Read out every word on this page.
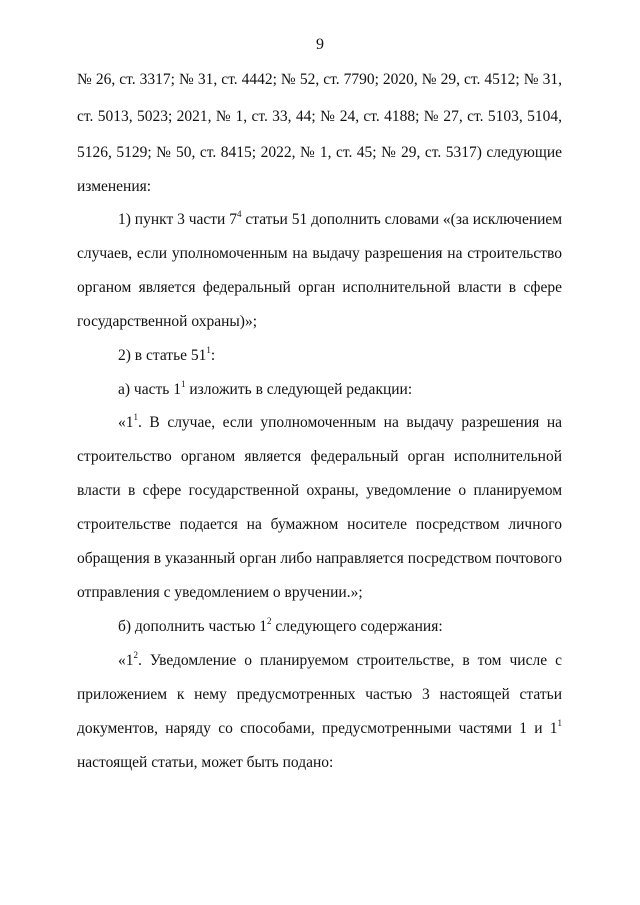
9
№ 26, ст. 3317; № 31, ст. 4442; № 52, ст. 7790; 2020, № 29, ст. 4512; № 31,
ст. 5013, 5023; 2021, № 1, ст. 33, 44; № 24, ст. 4188; № 27, ст. 5103, 5104,
5126, 5129; № 50, ст. 8415; 2022, № 1, ст. 45; № 29, ст. 5317) следующие
изменения:
1) пункт 3 части $7^4$ статьи 51 дополнить словами «(за исключением
случаев, если уполномоченным на выдачу разрешения на строительство
органом является федеральный орган исполнительной власти в сфере
государственной охраны)»;
2) в статье $51^1$:
а) часть $1^1$ изложить в следующей редакции:
«$1^1$. В случае, если уполномоченным на выдачу разрешения на
строительство органом является федеральный орган исполнительной
власти в сфере государственной охраны, уведомление о планируемом
строительстве подается на бумажном носителе посредством личного
обращения в указанный орган либо направляется посредством почтового
отправления с уведомлением о вручении.»;
б) дополнить частью $1^2$ следующего содержания:
«$1^2$. Уведомление о планируемом строительстве, в том числе с
приложением к нему предусмотренных частью 3 настоящей статьи
документов, наряду со способами, предусмотренными частями 1 и $1^1$
настоящей статьи, может быть подано:
